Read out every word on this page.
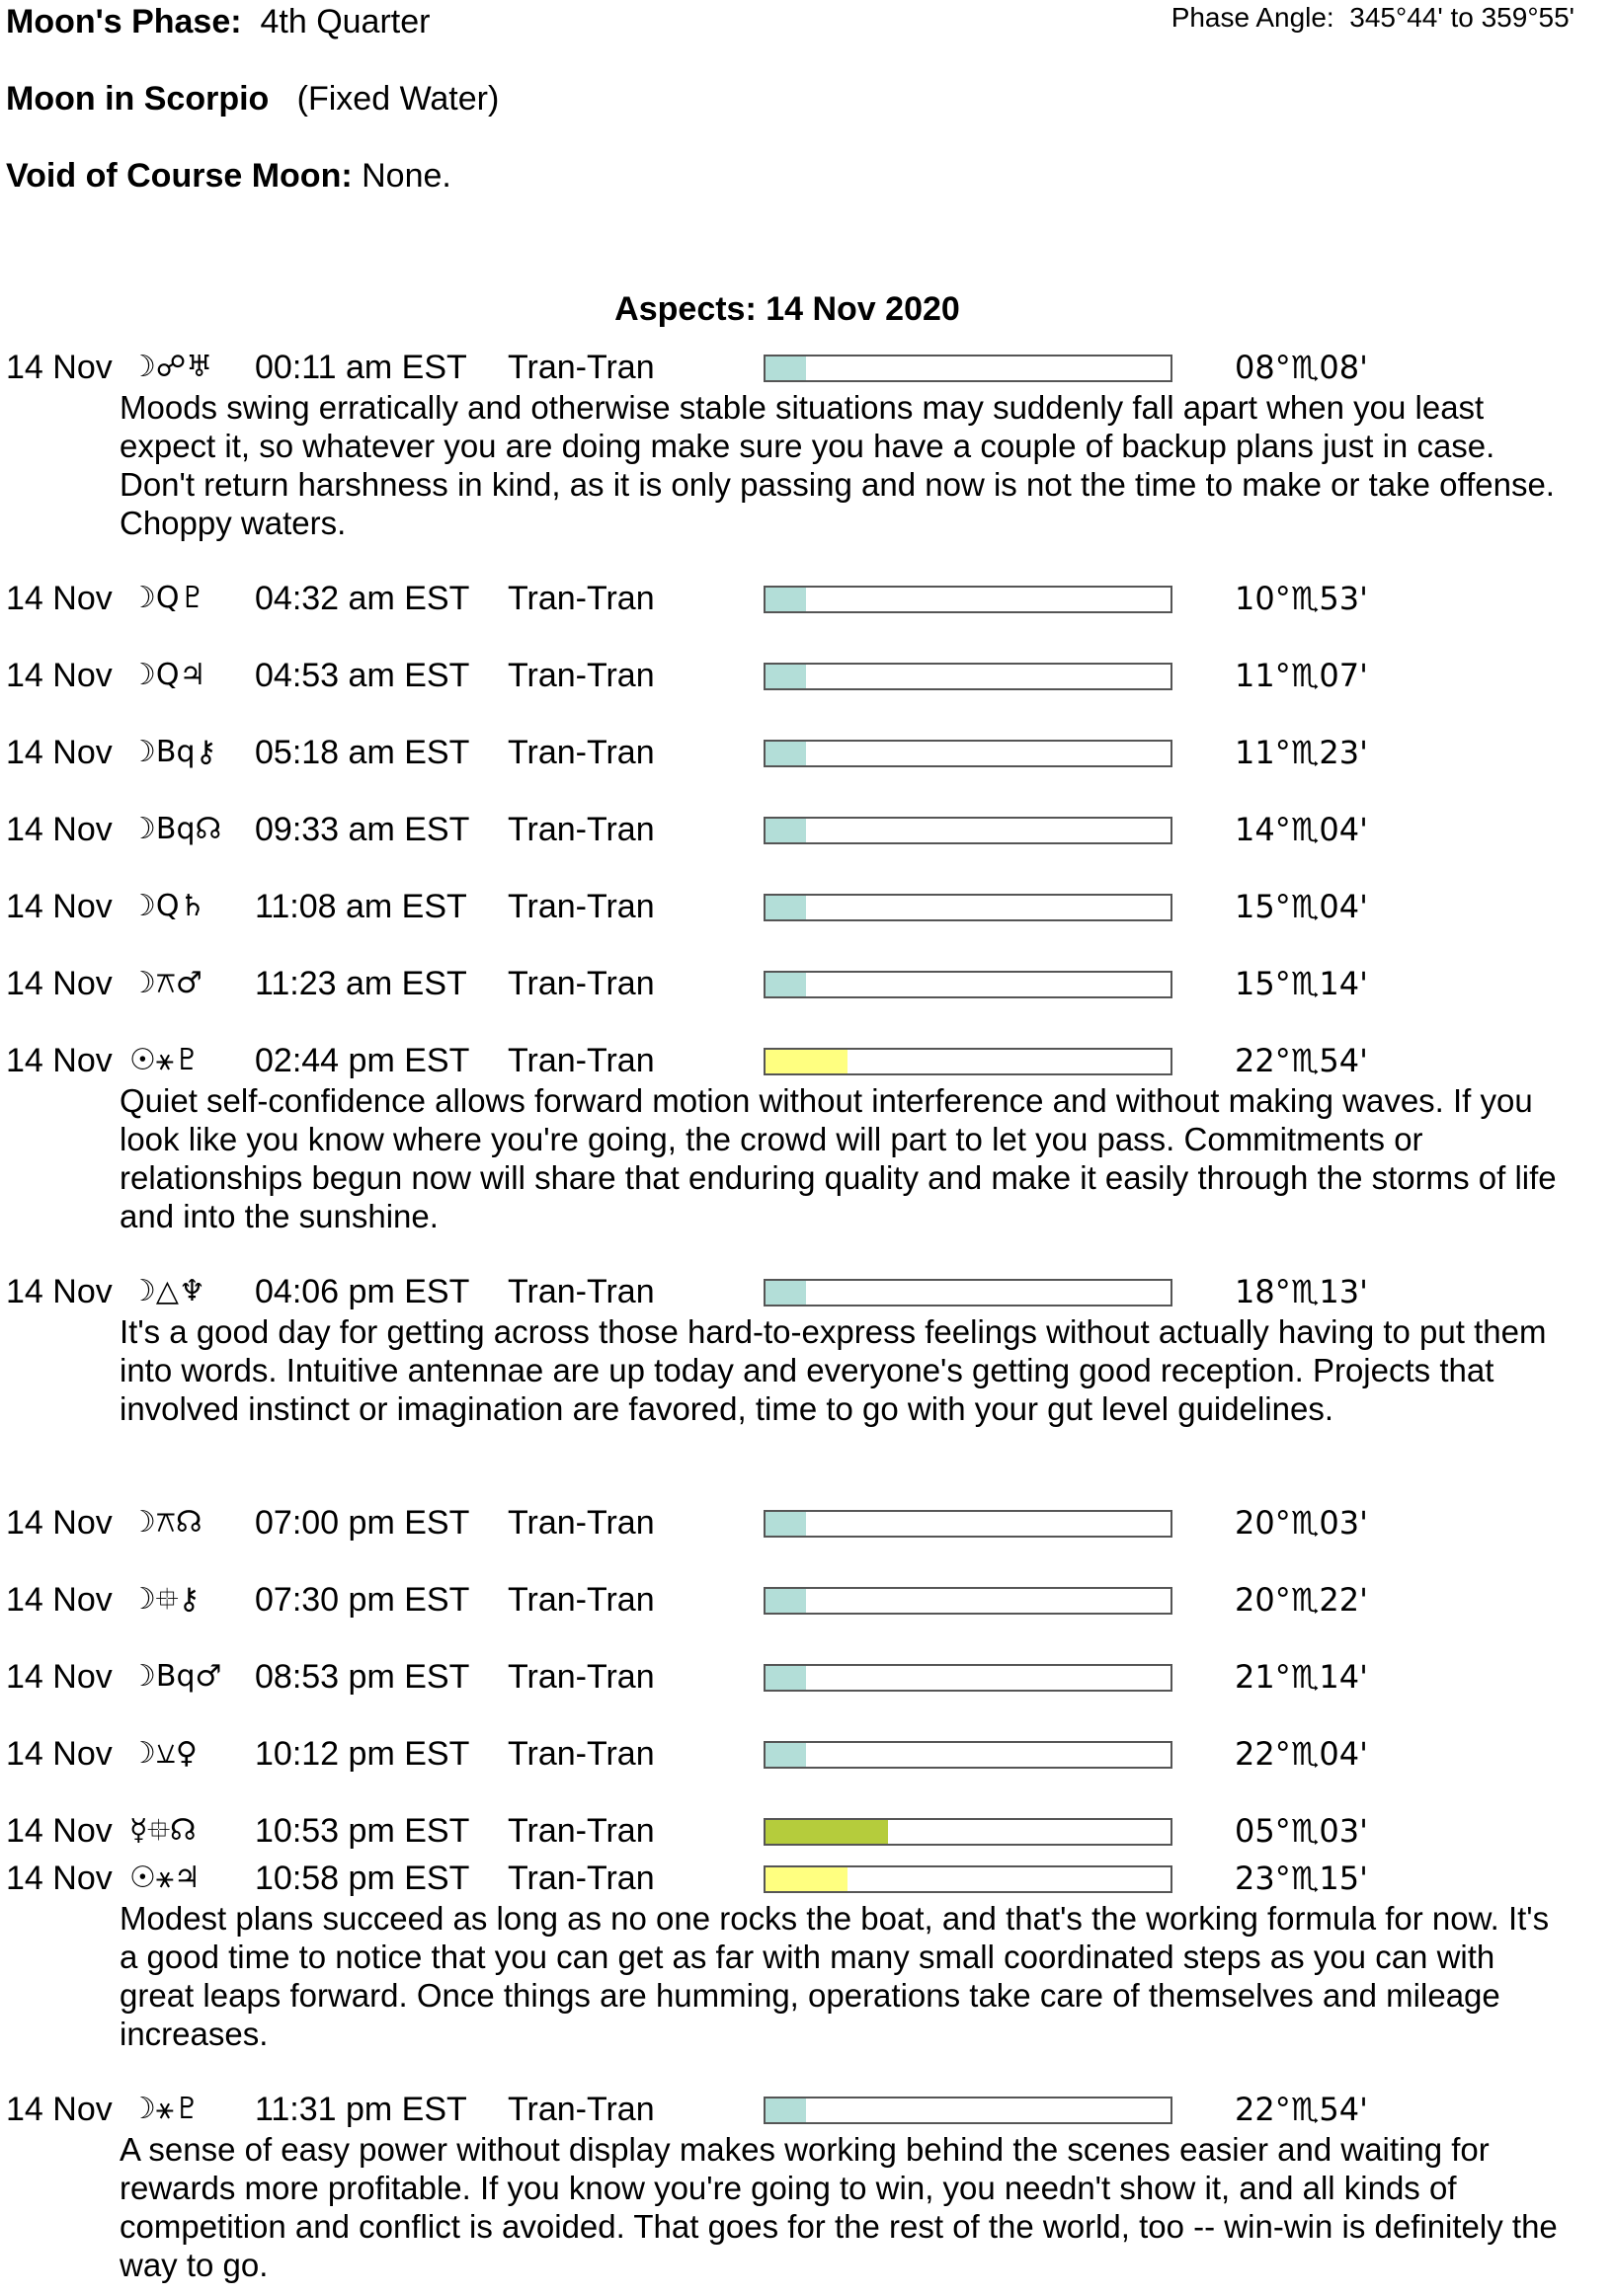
Moon's Phase: 4th Quarter	Phase Angle: 345°44' to 359°55'
Moon in Scorpio (Fixed Water)
Void of Course Moon: None.
Aspects: 14 Nov 2020
14 Nov ☽☍♅ 00:11 am EST Tran-Tran	08°♏08'
Moods swing erratically and otherwise stable situations may suddenly fall apart when you least expect it, so whatever you are doing make sure you have a couple of backup plans just in case. Don't return harshness in kind, as it is only passing and now is not the time to make or take offense. Choppy waters.
14 Nov ☽Q♇ 04:32 am EST Tran-Tran	10°♏53'
14 Nov ☽Q♃ 04:53 am EST Tran-Tran	11°♏07'
14 Nov ☽Bq⚷ 05:18 am EST Tran-Tran	11°♏23'
14 Nov ☽Bq☊ 09:33 am EST Tran-Tran	14°♏04'
14 Nov ☽Q♄ 11:08 am EST Tran-Tran	15°♏04'
14 Nov ☽⚻♂ 11:23 am EST Tran-Tran	15°♏14'
14 Nov ☉⚹♇ 02:44 pm EST Tran-Tran	22°♏54'
Quiet self-confidence allows forward motion without interference and without making waves. If you look like you know where you're going, the crowd will part to let you pass. Commitments or relationships begun now will share that enduring quality and make it easily through the storms of life and into the sunshine.
14 Nov ☽△♆ 04:06 pm EST Tran-Tran	18°♏13'
It's a good day for getting across those hard-to-express feelings without actually having to put them into words. Intuitive antennae are up today and everyone's getting good reception. Projects that involved instinct or imagination are favored, time to go with your gut level guidelines.
14 Nov ☽⚻☊ 07:00 pm EST Tran-Tran	20°♏03'
14 Nov ☽⯐⚷ 07:30 pm EST Tran-Tran	20°♏22'
14 Nov ☽Bq♂ 08:53 pm EST Tran-Tran	21°♏14'
14 Nov ☽⚺♀ 10:12 pm EST Tran-Tran	22°♏04'
14 Nov ☿⯐☊ 10:53 pm EST Tran-Tran	05°♏03'
14 Nov ☉⚹♃ 10:58 pm EST Tran-Tran	23°♏15'
Modest plans succeed as long as no one rocks the boat, and that's the working formula for now. It's a good time to notice that you can get as far with many small coordinated steps as you can with great leaps forward. Once things are humming, operations take care of themselves and mileage increases.
14 Nov ☽⚹♇ 11:31 pm EST Tran-Tran	22°♏54'
A sense of easy power without display makes working behind the scenes easier and waiting for rewards more profitable. If you know you're going to win, you needn't show it, and all kinds of competition and conflict is avoided. That goes for the rest of the world, too -- win-win is definitely the way to go.
